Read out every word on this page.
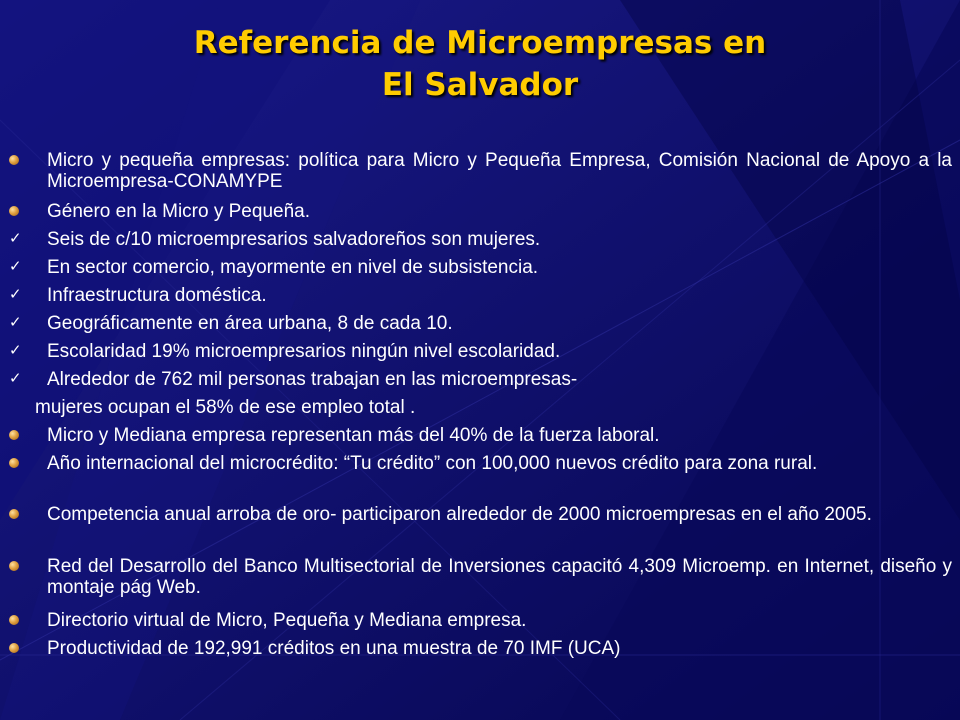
Referencia de Microempresas en
El Salvador
Micro y pequeña empresas: política para Micro y Pequeña Empresa, Comisión Nacional de Apoyo a la Microempresa-CONAMYPE
Género en la Micro y Pequeña.
✓ Seis de c/10 microempresarios salvadoreños son mujeres.
✓ En sector comercio, mayormente en nivel de subsistencia.
✓ Infraestructura doméstica.
✓ Geográficamente en área urbana, 8 de cada 10.
✓ Escolaridad 19% microempresarios ningún nivel escolaridad.
✓ Alrededor de 762 mil personas trabajan en las microempresas-
mujeres ocupan el 58% de ese empleo total .
Micro y Mediana empresa representan más del 40% de la fuerza laboral.
Año internacional del microcrédito: “Tu crédito” con 100,000 nuevos crédito para zona rural.
Competencia anual arroba de oro- participaron alrededor de 2000 microempresas en el año 2005.
Red del Desarrollo del Banco Multisectorial de Inversiones capacitó 4,309 Microemp. en Internet, diseño y montaje pág Web.
Directorio virtual de Micro, Pequeña y Mediana empresa.
Productividad de 192,991 créditos en una muestra de 70 IMF (UCA)
